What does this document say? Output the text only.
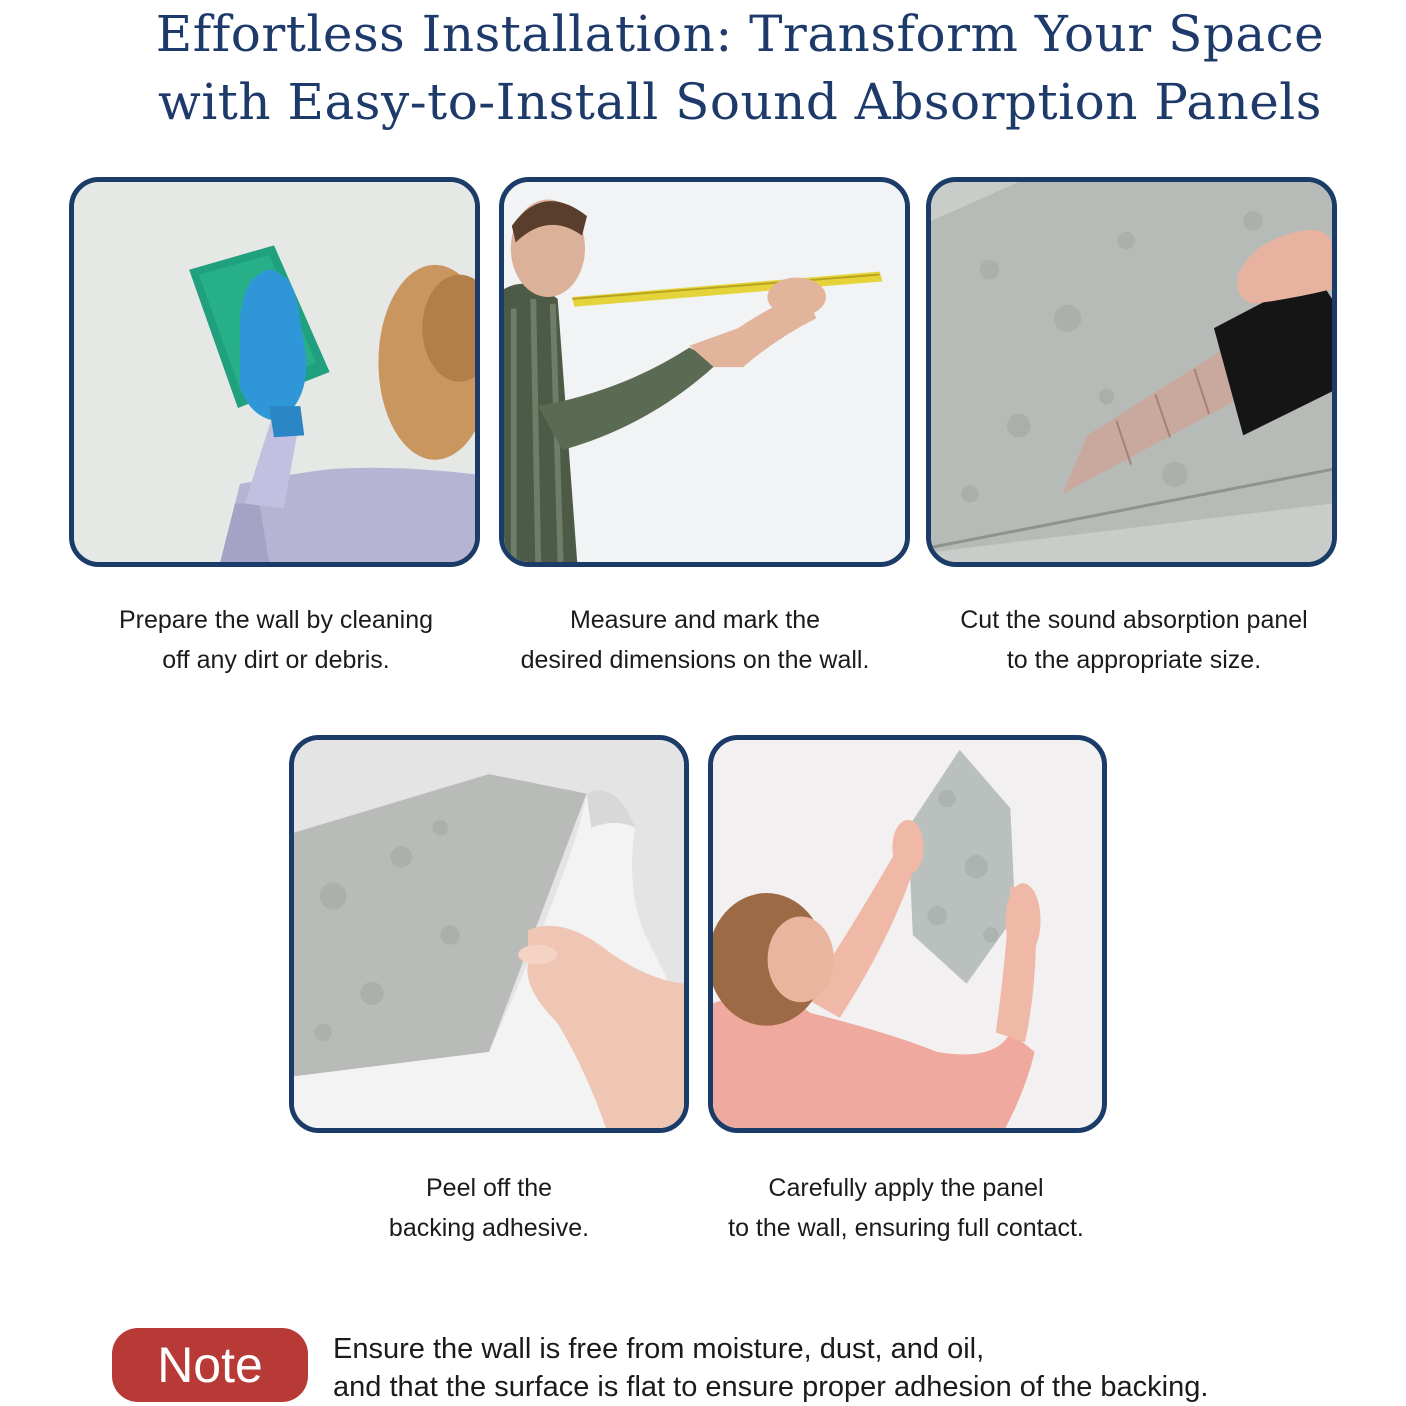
Effortless Installation: Transform Your Space
with Easy-to-Install Sound Absorption Panels
Prepare the wall by cleaning
off any dirt or debris.
Measure and mark the
desired dimensions on the wall.
Cut the sound absorption panel
to the appropriate size.
Peel off the
backing adhesive.
Carefully apply the panel
to the wall, ensuring full contact.
Note	Ensure the wall is free from moisture, dust, and oil,
and that the surface is flat to ensure proper adhesion of the backing.
